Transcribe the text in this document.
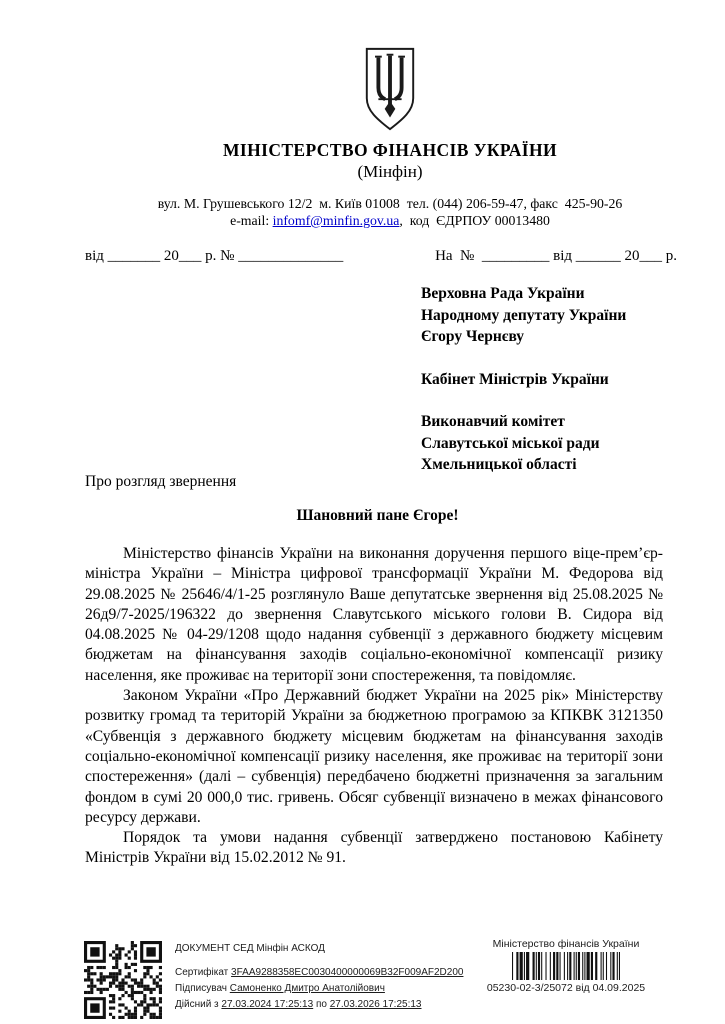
МІНІСТЕРСТВО ФІНАНСІВ УКРАЇНИ
(Мінфін)
вул. М. Грушевського 12/2  м. Київ 01008  тел. (044) 206-59-47, факс  425-90-26
e-mail: infomf@minfin.gov.ua,  код  ЄДРПОУ 00013480
від _______ 20___ р. № ______________	На  №  _________ від ______ 20___ р.
Верховна Рада України
Народному депутату України
Єгору Чернєву
Кабінет Міністрів України
Виконавчий комітет
Славутської міської ради
Хмельницької області
Про розгляд звернення
Шановний пане Єгоре!

Міністерство фінансів України на виконання доручення першого віце-прем’єр-міністра України – Міністра цифрової трансформації України М. Федорова від 29.08.2025 № 25646/4/1-25 розглянуло Ваше депутатське звернення від 25.08.2025 № 26д9/7-2025/196322 до звернення Славутського міського голови В. Сидора від 04.08.2025 № 04-29/1208 щодо надання субвенції з державного бюджету місцевим бюджетам на фінансування заходів соціально-економічної компенсації ризику населення, яке проживає на території зони спостереження, та повідомляє.

Законом України «Про Державний бюджет України на 2025 рік» Міністерству розвитку громад та територій України за бюджетною програмою за КПКВК 3121350 «Субвенція з державного бюджету місцевим бюджетам на фінансування заходів соціально-економічної компенсації ризику населення, яке проживає на території зони спостереження» (далі – субвенція) передбачено бюджетні призначення за загальним фондом в сумі 20 000,0 тис. гривень. Обсяг субвенції визначено в межах фінансового ресурсу держави.

Порядок та умови надання субвенції затверджено постановою Кабінету Міністрів України від 15.02.2012 № 91.

ДОКУМЕНТ СЕД Мінфін АСКОД
Сертифікат 3FAA9288358EC0030400000069B32F009AF2D200
Підписувач Самоненко Дмитро Анатолійович
Дійсний з 27.03.2024 17:25:13 по 27.03.2026 17:25:13
Міністерство фінансів України
05230-02-3/25072 від 04.09.2025
